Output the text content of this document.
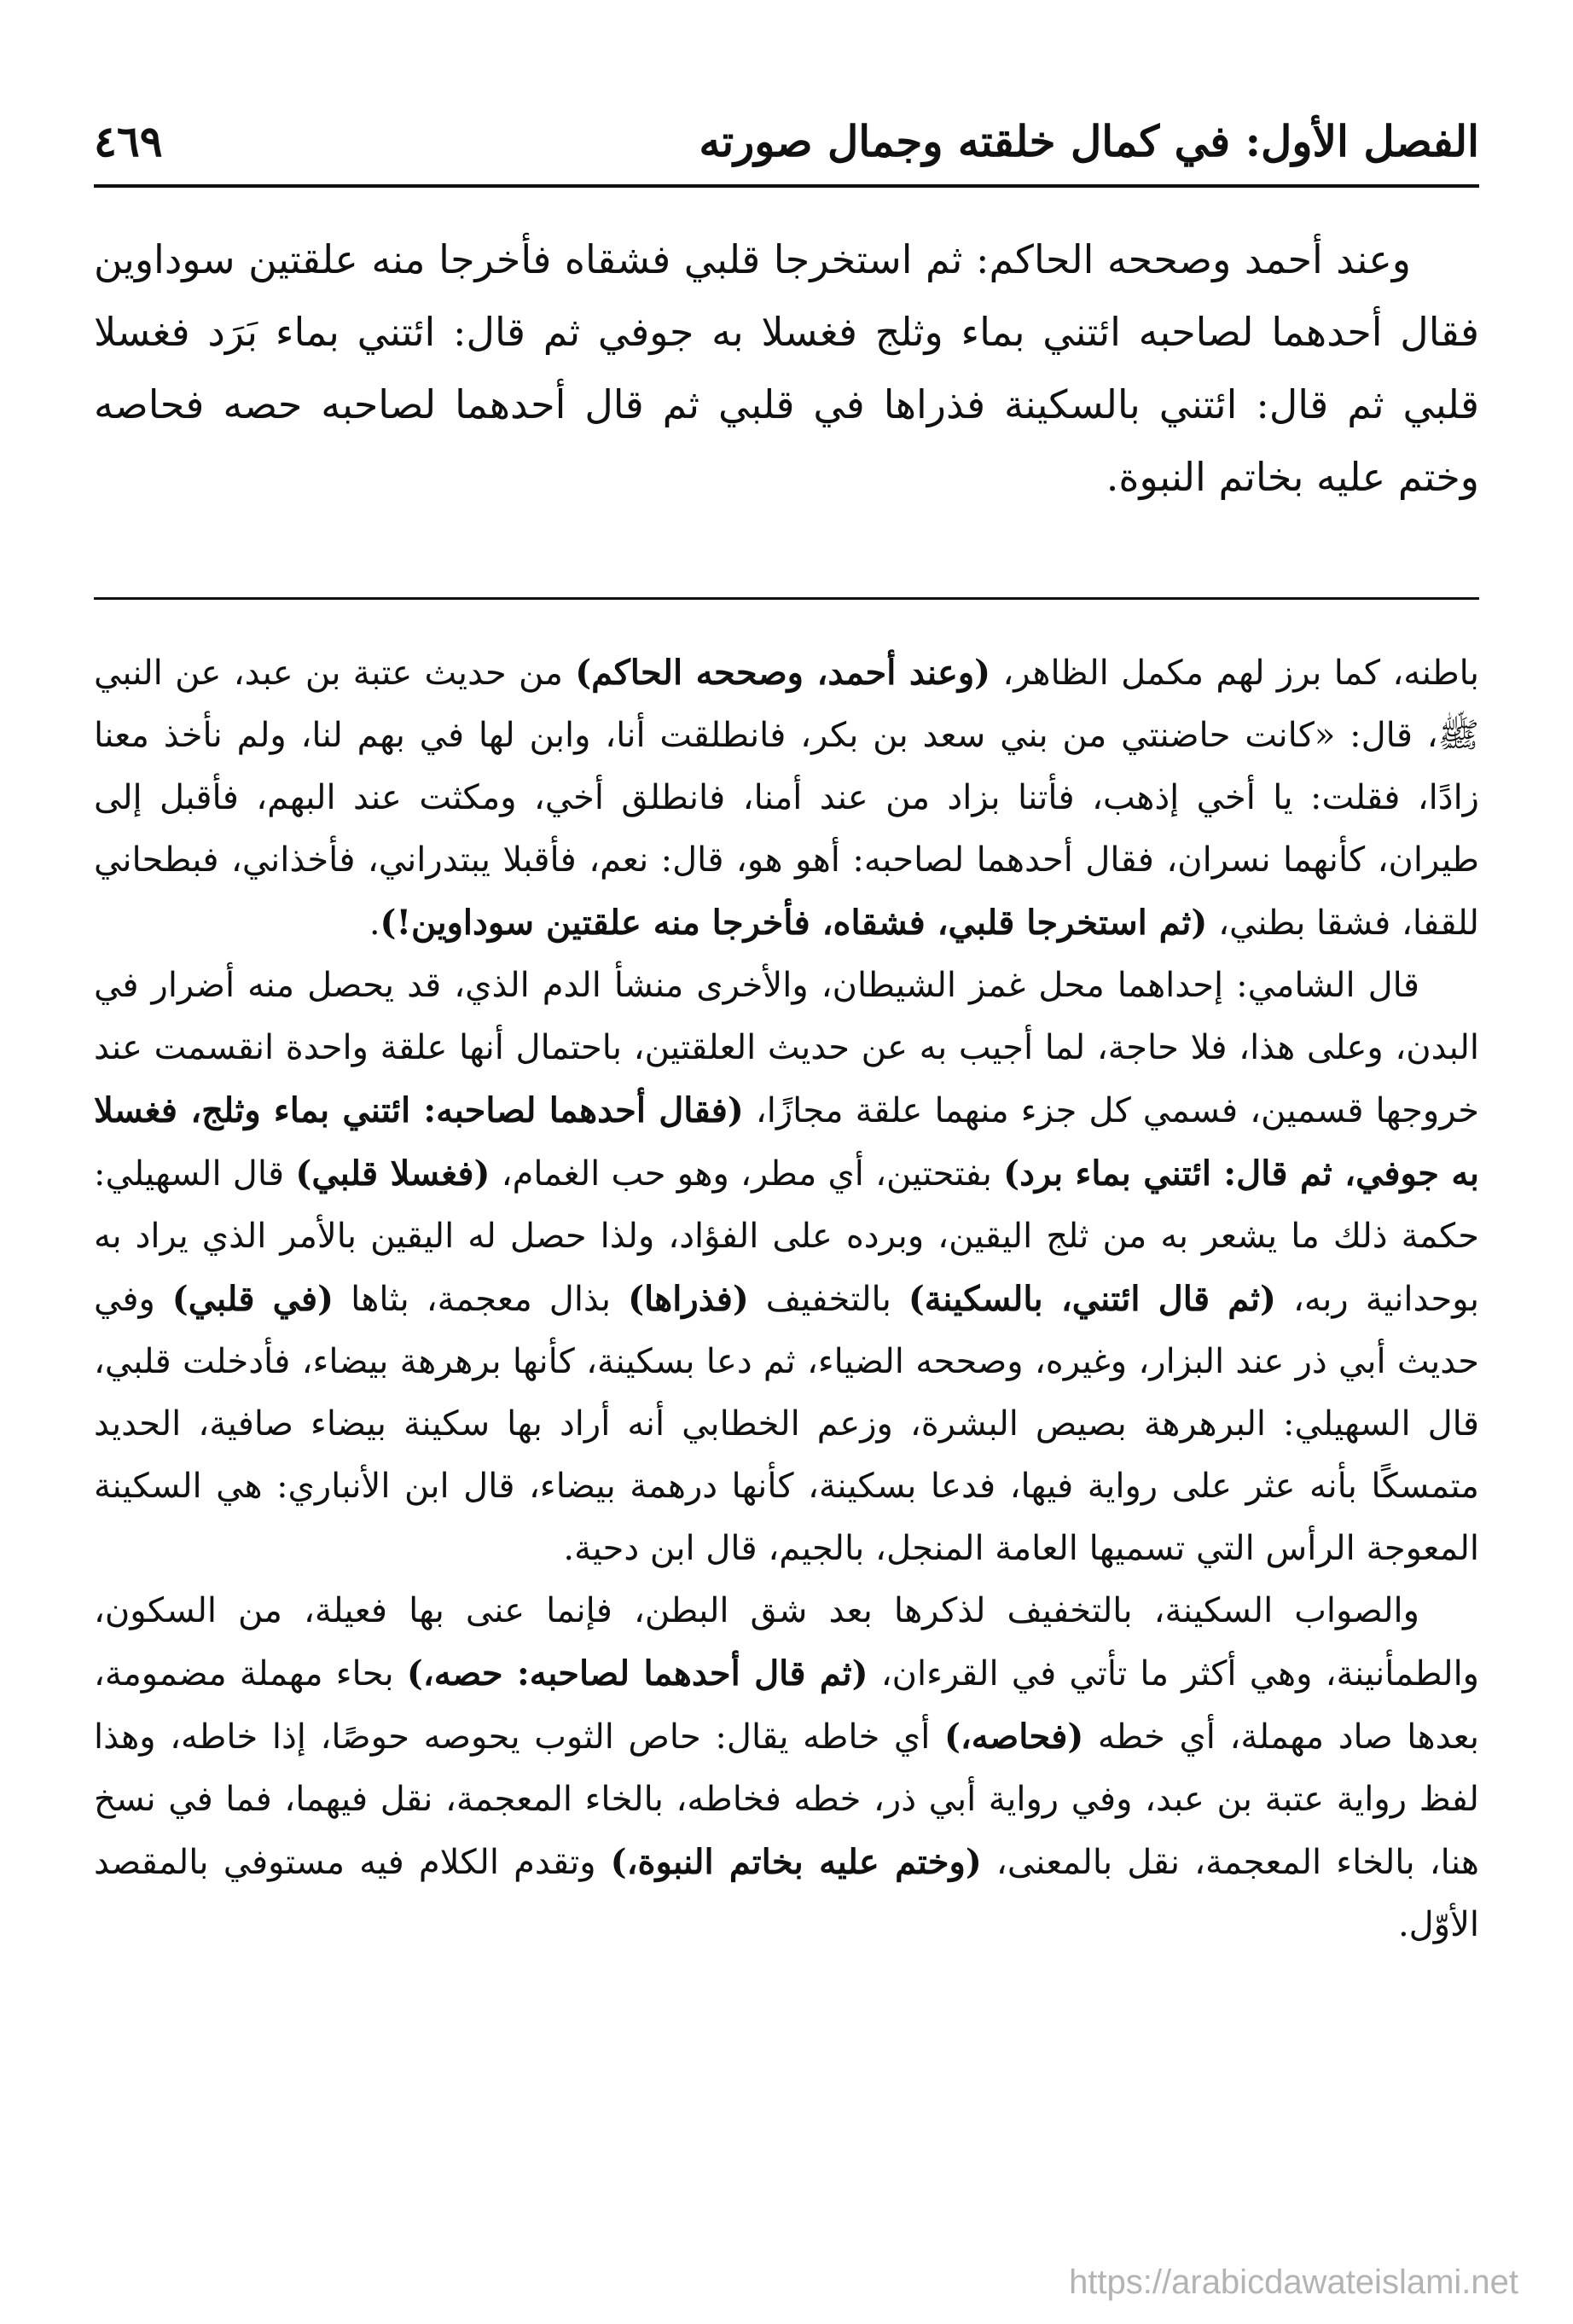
الفصل الأول: في كمال خلقته وجمال صورته
٤٦٩

وعند أحمد وصححه الحاكم: ثم استخرجا قلبي فشقاه فأخرجا منه علقتين سوداوين فقال أحدهما لصاحبه ائتني بماء وثلج فغسلا به جوفي ثم قال: ائتني بماء بَرَد فغسلا قلبي ثم قال: ائتني بالسكينة فذراها في قلبي ثم قال أحدهما لصاحبه حصه فحاصه وختم عليه بخاتم النبوة.

باطنه، كما برز لهم مكمل الظاهر، (وعند أحمد، وصححه الحاكم) من حديث عتبة بن عبد، عن النبي ﷺ، قال: «كانت حاضنتي من بني سعد بن بكر، فانطلقت أنا، وابن لها في بهم لنا، ولم نأخذ معنا زادًا، فقلت: يا أخي إذهب، فأتنا بزاد من عند أمنا، فانطلق أخي، ومكثت عند البهم، فأقبل إلى طيران، كأنهما نسران، فقال أحدهما لصاحبه: أهو هو، قال: نعم، فأقبلا يبتدراني، فأخذاني، فبطحاني للقفا، فشقا بطني، (ثم استخرجا قلبي، فشقاه، فأخرجا منه علقتين سوداوين!).

قال الشامي: إحداهما محل غمز الشيطان، والأخرى منشأ الدم الذي، قد يحصل منه أضرار في البدن، وعلى هذا، فلا حاجة، لما أجيب به عن حديث العلقتين، باحتمال أنها علقة واحدة انقسمت عند خروجها قسمين، فسمي كل جزء منهما علقة مجازًا، (فقال أحدهما لصاحبه: ائتني بماء وثلج، فغسلا به جوفي، ثم قال: ائتني بماء برد) بفتحتين، أي مطر، وهو حب الغمام، (فغسلا قلبي) قال السهيلي: حكمة ذلك ما يشعر به من ثلج اليقين، وبرده على الفؤاد، ولذا حصل له اليقين بالأمر الذي يراد به بوحدانية ربه، (ثم قال ائتني، بالسكينة) بالتخفيف (فذراها) بذال معجمة، بثاها (في قلبي) وفي حديث أبي ذر عند البزار، وغيره، وصححه الضياء، ثم دعا بسكينة، كأنها برهرهة بيضاء، فأدخلت قلبي، قال السهيلي: البرهرهة بصيص البشرة، وزعم الخطابي أنه أراد بها سكينة بيضاء صافية، الحديد متمسكًا بأنه عثر على رواية فيها، فدعا بسكينة، كأنها درهمة بيضاء، قال ابن الأنباري: هي السكينة المعوجة الرأس التي تسميها العامة المنجل، بالجيم، قال ابن دحية.

والصواب السكينة، بالتخفيف لذكرها بعد شق البطن، فإنما عنى بها فعيلة، من السكون، والطمأنينة، وهي أكثر ما تأتي في القرءان، (ثم قال أحدهما لصاحبه: حصه،) بحاء مهملة مضمومة، بعدها صاد مهملة، أي خطه (فحاصه،) أي خاطه يقال: حاص الثوب يحوصه حوصًا، إذا خاطه، وهذا لفظ رواية عتبة بن عبد، وفي رواية أبي ذر، خطه فخاطه، بالخاء المعجمة، نقل فيهما، فما في نسخ هنا، بالخاء المعجمة، نقل بالمعنى، (وختم عليه بخاتم النبوة،) وتقدم الكلام فيه مستوفي بالمقصد الأوّل.

https://arabicdawateislami.net
